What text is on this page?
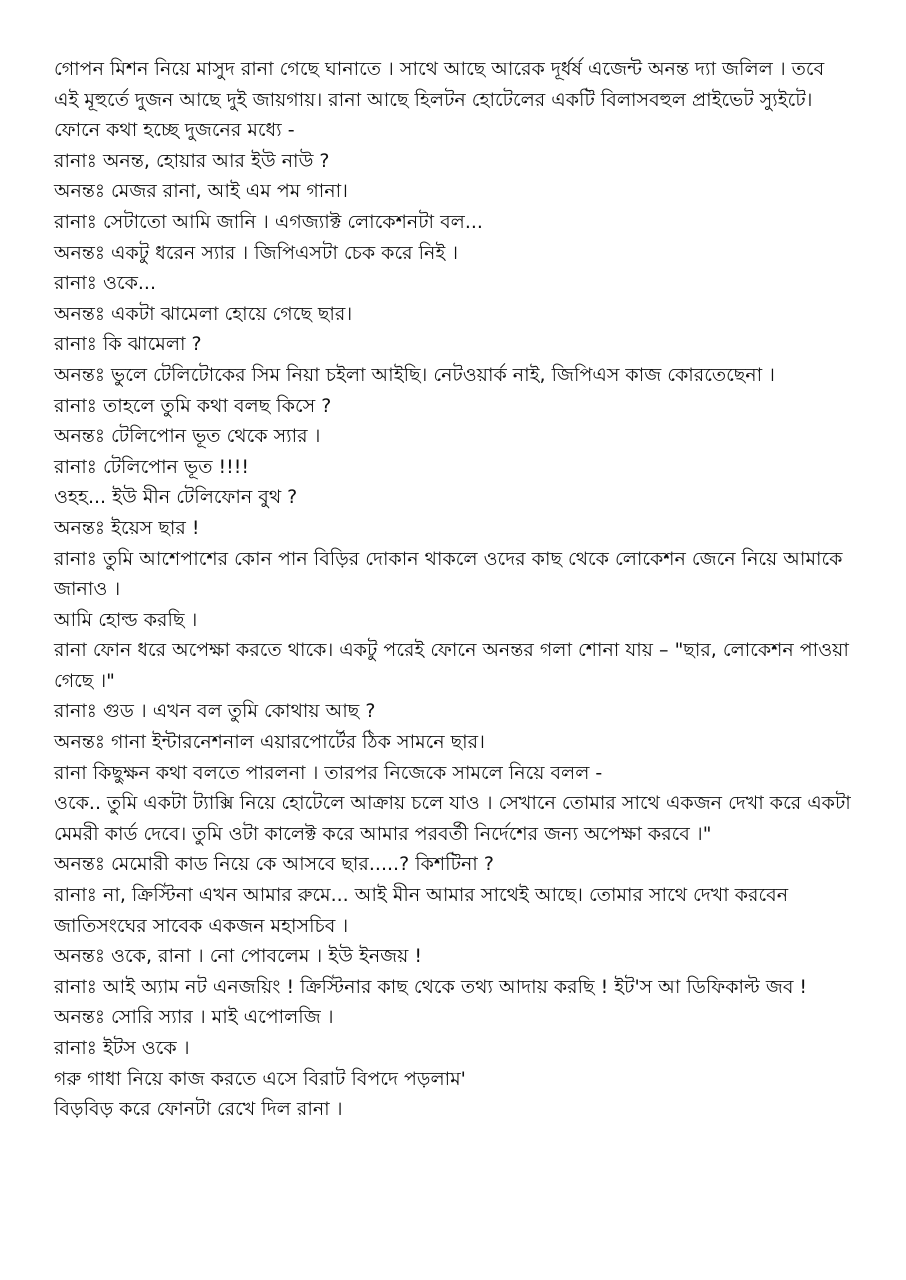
গোপন মিশন নিয়ে মাসুদ রানা গেছে ঘানাতে । সাথে আছে আরেক দূর্ধর্ষ এজেন্ট অনন্ত দ্যা জলিল । তবে এই মূহুর্তে দুজন আছে দুই জায়গায়। রানা আছে হিলটন হোটেলের একটি বিলাসবহুল প্রাইভেট স্যুইটে।

ফোনে কথা হচ্ছে দুজনের মধ্যে -

রানাঃ অনন্ত, হোয়ার আর ইউ নাউ ?

অনন্তঃ মেজর রানা, আই এম পম গানা।

রানাঃ সেটাতো আমি জানি । এগজ্যাক্ট লোকেশনটা বল...

অনন্তঃ একটু ধরেন স্যার । জিপিএসটা চেক করে নিই ।

রানাঃ ওকে...

অনন্তঃ একটা ঝামেলা হোয়ে গেছে ছার।

রানাঃ কি ঝামেলা ?

অনন্তঃ ভুলে টেলিটোকের সিম নিয়া চইলা আইছি। নেটওয়ার্ক নাই, জিপিএস কাজ কোরতেছেনা ।

রানাঃ তাহলে তুমি কথা বলছ কিসে ?

অনন্তঃ টেলিপোন ভূত থেকে স্যার ।

রানাঃ টেলিপোন ভূত !!!!

ওহহ... ইউ মীন টেলিফোন বুথ ?

অনন্তঃ ইয়েস ছার !

রানাঃ তুমি আশেপাশের কোন পান বিড়ির দোকান থাকলে ওদের কাছ থেকে লোকেশন জেনে নিয়ে আমাকে জানাও ।

আমি হোল্ড করছি ।

রানা ফোন ধরে অপেক্ষা করতে থাকে। একটু পরেই ফোনে অনন্তর গলা শোনা যায় – "ছার, লোকেশন পাওয়া গেছে ।"

রানাঃ গুড । এখন বল তুমি কোথায় আছ ?

অনন্তঃ গানা ইন্টারনেশনাল এয়ারপোর্টের ঠিক সামনে ছার।

রানা কিছুক্ষন কথা বলতে পারলনা । তারপর নিজেকে সামলে নিয়ে বলল -

ওকে.. তুমি একটা ট্যাক্সি নিয়ে হোটেলে আক্রায় চলে যাও । সেখানে তোমার সাথে একজন দেখা করে একটা মেমরী কার্ড দেবে। তুমি ওটা কালেক্ট করে আমার পরবর্তী নির্দেশের জন্য অপেক্ষা করবে ।"

অনন্তঃ মেমোরী কাড নিয়ে কে আসবে ছার.....? কিশটিনা ?

রানাঃ না, ক্রিস্টিনা এখন আমার রুমে... আই মীন আমার সাথেই আছে। তোমার সাথে দেখা করবেন জাতিসংঘের সাবেক একজন মহাসচিব ।

অনন্তঃ ওকে, রানা । নো পোবলেম । ইউ ইনজয় !

রানাঃ আই অ্যাম নট এনজয়িং ! ক্রিস্টিনার কাছ থেকে তথ্য আদায় করছি ! ইট'স আ ডিফিকাল্ট জব !

অনন্তঃ সোরি স্যার । মাই এপোলজি ।

রানাঃ ইটস ওকে ।

গরু গাধা নিয়ে কাজ করতে এসে বিরাট বিপদে পড়লাম'

বিড়বিড় করে ফোনটা রেখে দিল রানা ।
